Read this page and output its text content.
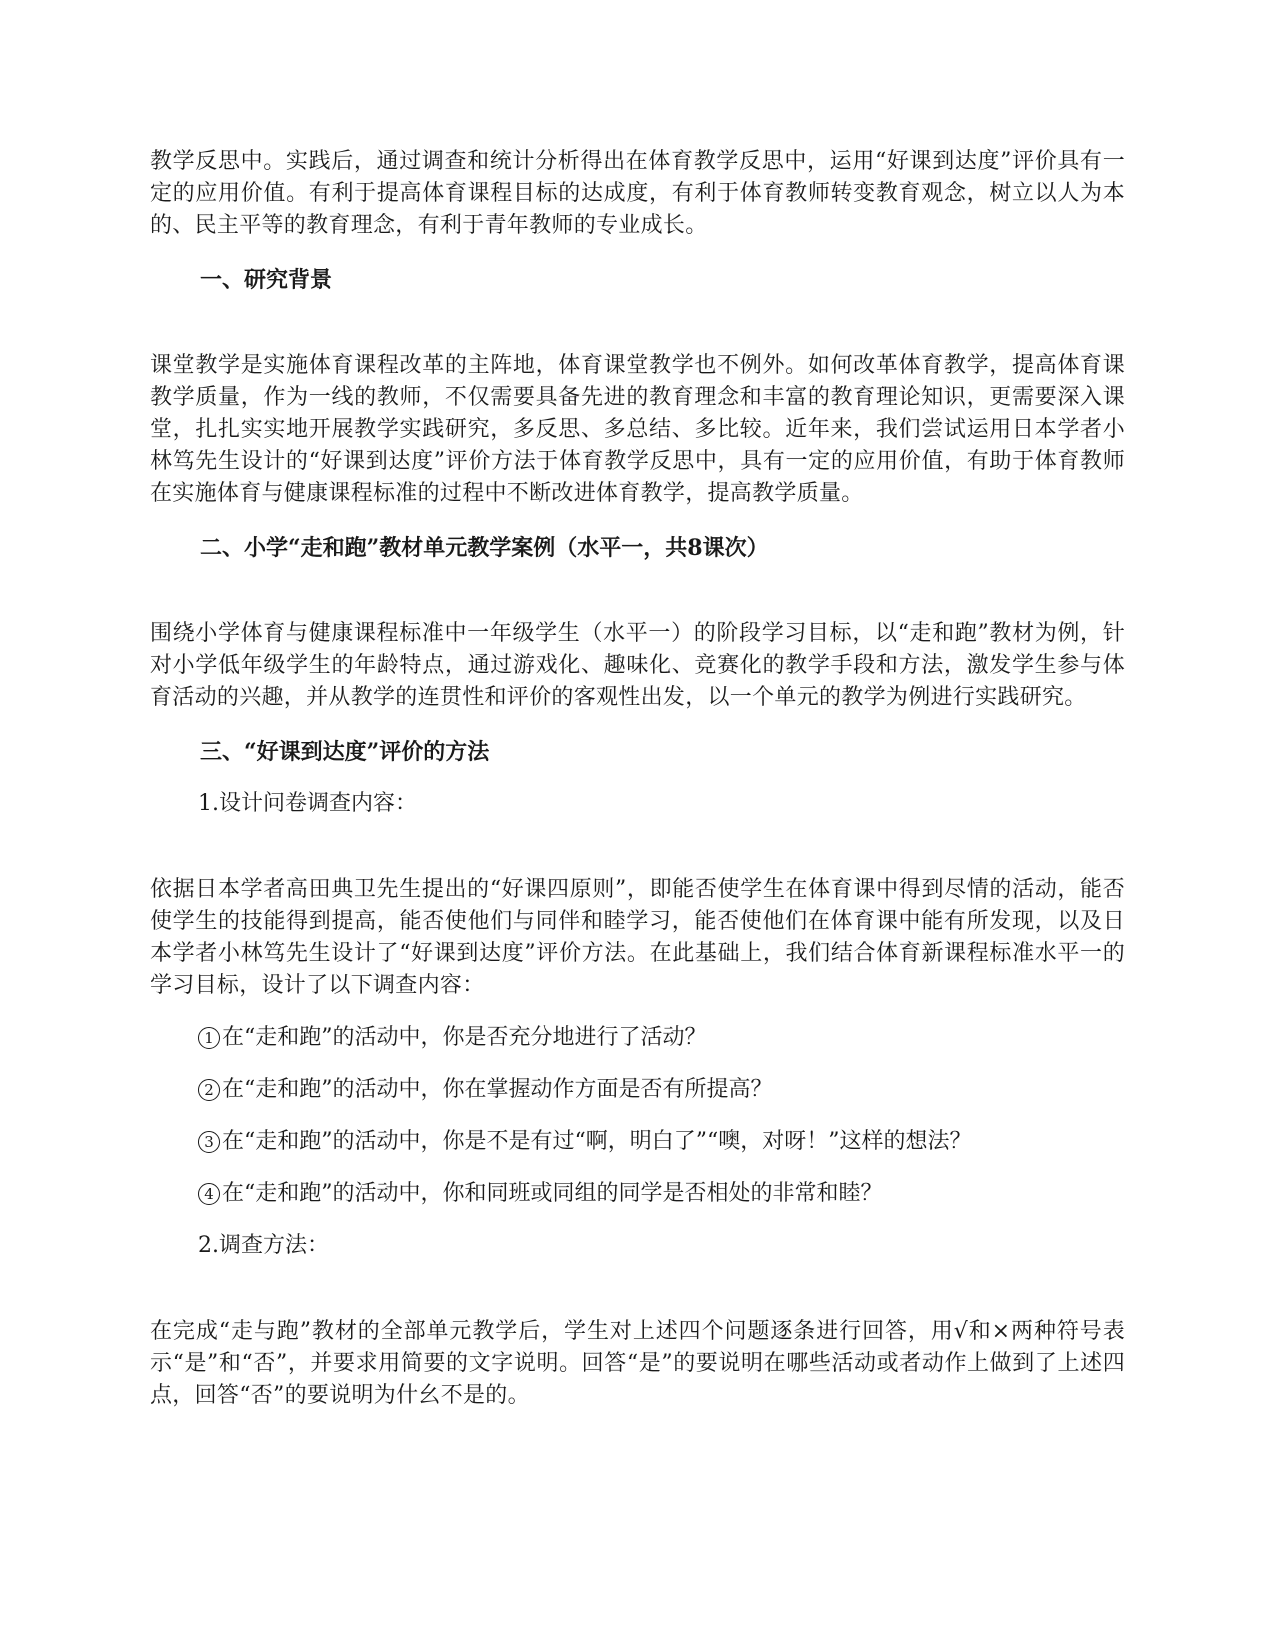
教学反思中。实践后，通过调查和统计分析得出在体育教学反思中，运用“好课到达度”评价具有一定的应用价值。有利于提高体育课程目标的达成度，有利于体育教师转变教育观念，树立以人为本的、民主平等的教育理念，有利于青年教师的专业成长。

一、研究背景

课堂教学是实施体育课程改革的主阵地，体育课堂教学也不例外。如何改革体育教学，提高体育课教学质量，作为一线的教师，不仅需要具备先进的教育理念和丰富的教育理论知识，更需要深入课堂，扎扎实实地开展教学实践研究，多反思、多总结、多比较。近年来，我们尝试运用日本学者小林笃先生设计的“好课到达度”评价方法于体育教学反思中，具有一定的应用价值，有助于体育教师在实施体育与健康课程标准的过程中不断改进体育教学，提高教学质量。

二、小学“走和跑”教材单元教学案例（水平一，共8课次）

围绕小学体育与健康课程标准中一年级学生（水平一）的阶段学习目标，以“走和跑”教材为例，针对小学低年级学生的年龄特点，通过游戏化、趣味化、竞赛化的教学手段和方法，激发学生参与体育活动的兴趣，并从教学的连贯性和评价的客观性出发，以一个单元的教学为例进行实践研究。

三、“好课到达度”评价的方法

1.设计问卷调查内容：

依据日本学者高田典卫先生提出的“好课四原则”，即能否使学生在体育课中得到尽情的活动，能否使学生的技能得到提高，能否使他们与同伴和睦学习，能否使他们在体育课中能有所发现，以及日本学者小林笃先生设计了“好课到达度”评价方法。在此基础上，我们结合体育新课程标准水平一的学习目标，设计了以下调查内容：

1 在“走和跑”的活动中，你是否充分地进行了活动？

2 在“走和跑”的活动中，你在掌握动作方面是否有所提高？

3 在“走和跑”的活动中，你是不是有过“啊，明白了”“噢，对呀！”这样的想法？

4 在“走和跑”的活动中，你和同班或同组的同学是否相处的非常和睦？

2.调查方法：

在完成“走与跑”教材的全部单元教学后，学生对上述四个问题逐条进行回答，用√和×两种符号表示“是”和“否”，并要求用简要的文字说明。回答“是”的要说明在哪些活动或者动作上做到了上述四点，回答“否”的要说明为什幺不是的。
